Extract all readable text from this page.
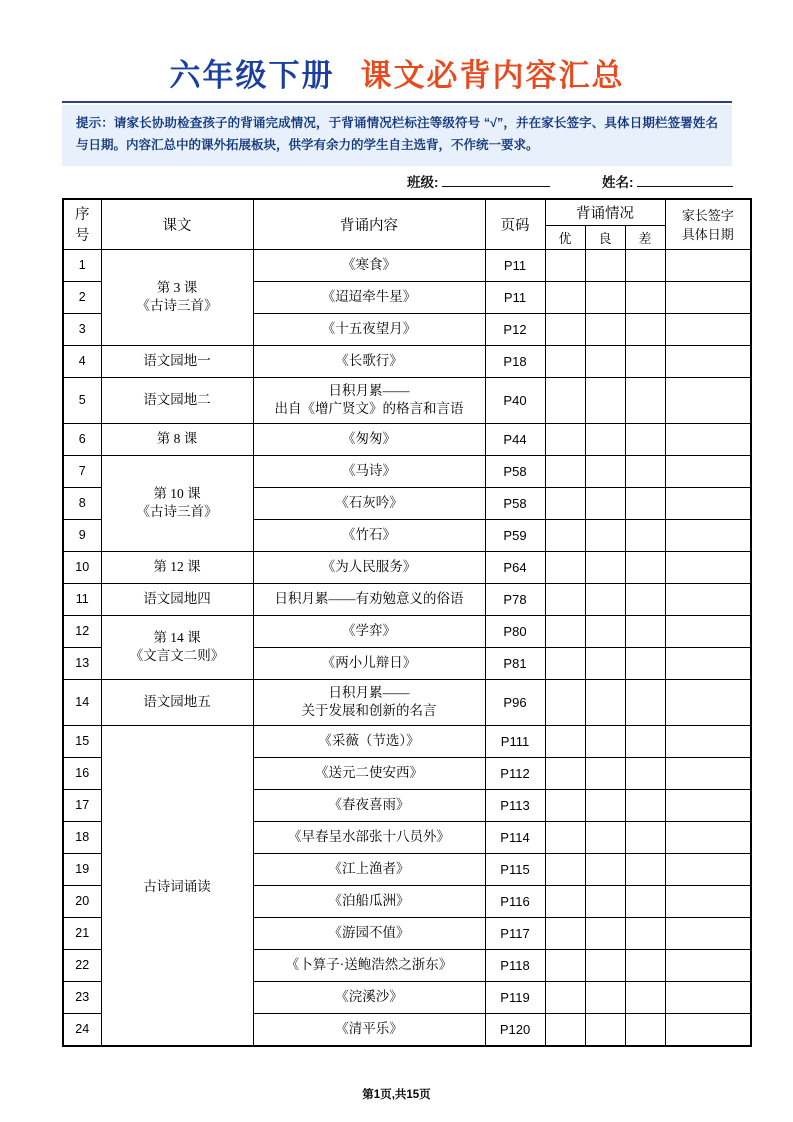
六年级下册 课文必背内容汇总
提示：请家长协助检查孩子的背诵完成情况，于背诵情况栏标注等级符号 “√”，并在家长签字、具体日期栏签署姓名与日期。内容汇总中的课外拓展板块，供学有余力的学生自主选背，不作统一要求。
班级:	姓名:
序
号
	课文	背诵内容	页码	背诵情况	家长签字
具体日期

				优	良	差	
1	第 3 课
《古诗三首》	《寒食》	P11				
2		《迢迢牵牛星》	P11				
3		《十五夜望月》	P12				
4	语文园地一	《长歌行》	P18				
5	语文园地二	日积月累——
出自《增广贤文》的格言和言语	P40				
6	第 8 课	《匆匆》	P44				
7	第 10 课
《古诗三首》	《马诗》	P58				
8		《石灰吟》	P58				
9		《竹石》	P59				
10	第 12 课	《为人民服务》	P64				
11	语文园地四	日积月累——有劝勉意义的俗语	P78				
12	第 14 课
《文言文二则》	《学弈》	P80				
13		《两小儿辩日》	P81				
14	语文园地五	日积月累——
关于发展和创新的名言	P96				
15	古诗词诵读	《采薇（节选）》	P111				
16		《送元二使安西》	P112				
17		《春夜喜雨》	P113				
18		《早春呈水部张十八员外》	P114				
19		《江上渔者》	P115				
20		《泊船瓜洲》	P116				
21		《游园不值》	P117				
22		《卜算子·送鲍浩然之浙东》	P118				
23		《浣溪沙》	P119				
24		《清平乐》	P120				
第1页,共15页
